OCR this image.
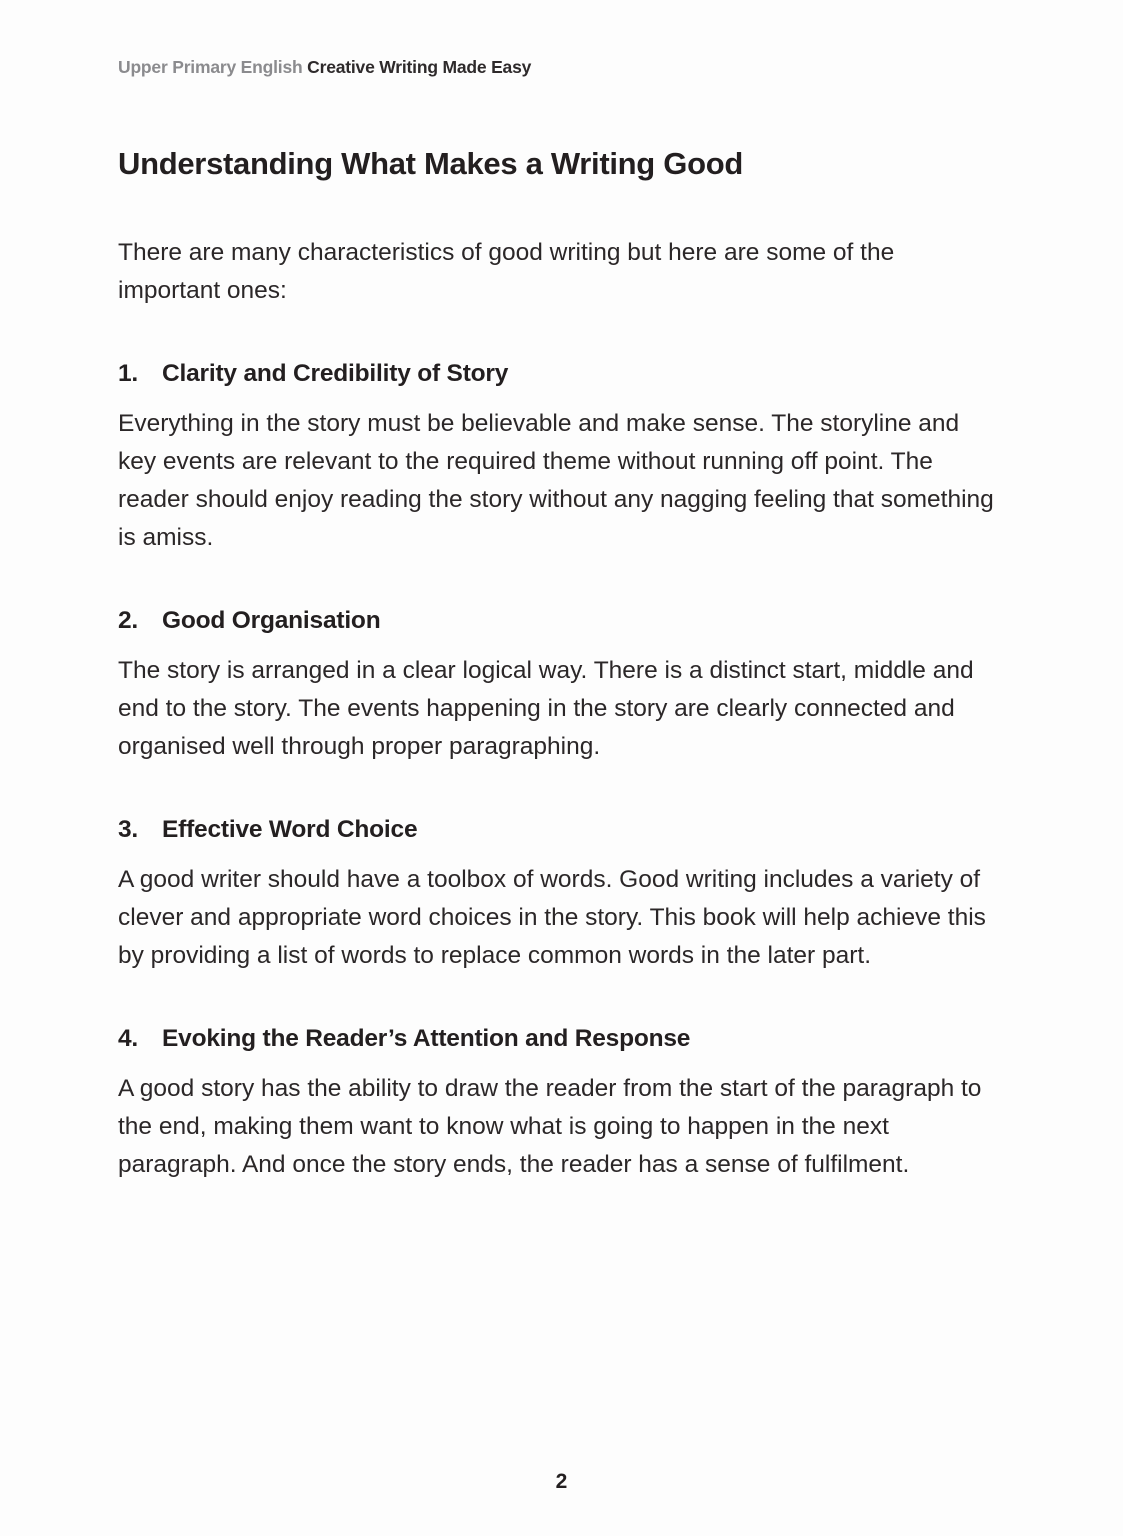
Upper Primary English Creative Writing Made Easy
Understanding What Makes a Writing Good

There are many characteristics of good writing but here are some of the important ones:

1. Clarity and Credibility of Story

Everything in the story must be believable and make sense. The storyline and key events are relevant to the required theme without running off point. The reader should enjoy reading the story without any nagging feeling that something is amiss.

2. Good Organisation

The story is arranged in a clear logical way. There is a distinct start, middle and end to the story. The events happening in the story are clearly connected and organised well through proper paragraphing.

3. Effective Word Choice

A good writer should have a toolbox of words. Good writing includes a variety of clever and appropriate word choices in the story. This book will help achieve this by providing a list of words to replace common words in the later part.

4. Evoking the Reader’s Attention and Response

A good story has the ability to draw the reader from the start of the paragraph to the end, making them want to know what is going to happen in the next paragraph. And once the story ends, the reader has a sense of fulfilment.

2
